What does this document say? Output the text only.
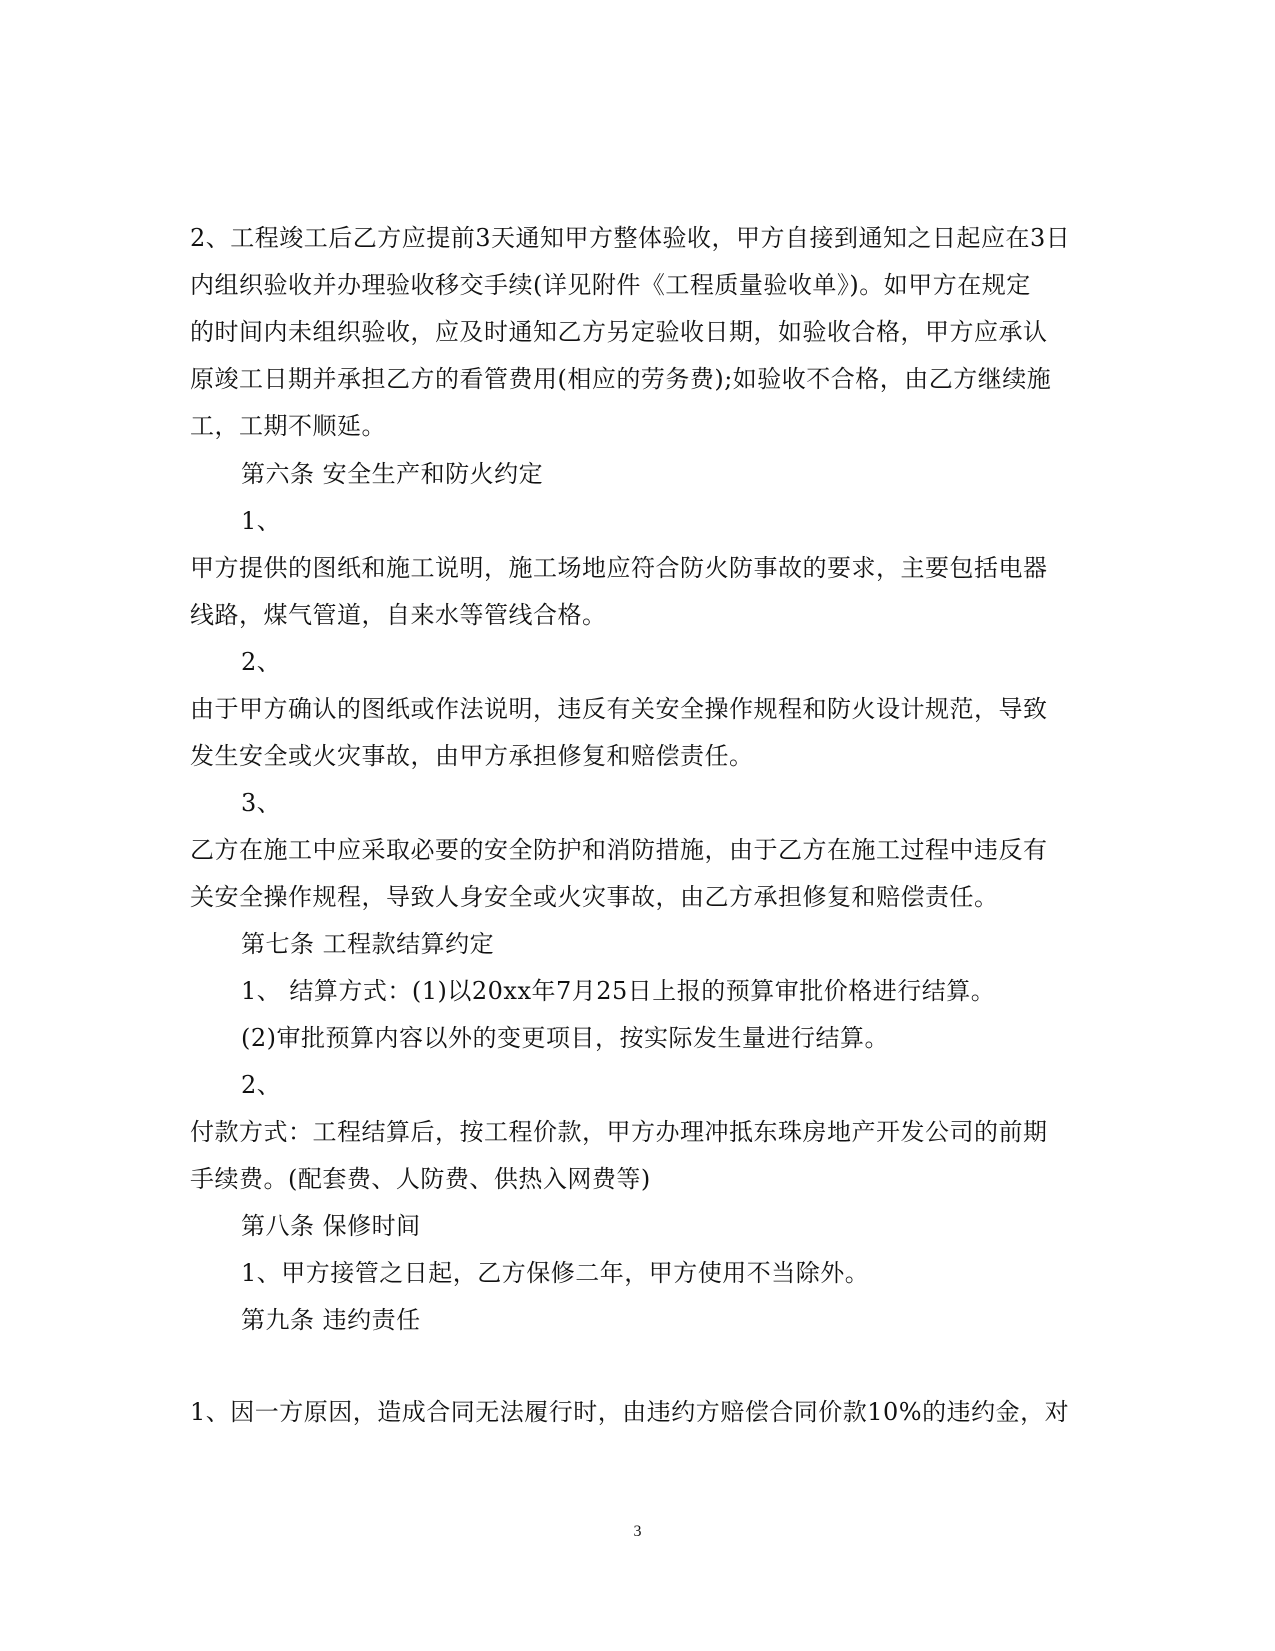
2、工程竣工后乙方应提前3天通知甲方整体验收，甲方自接到通知之日起应在3日
内组织验收并办理验收移交手续(详见附件《工程质量验收单》)。如甲方在规定
的时间内未组织验收，应及时通知乙方另定验收日期，如验收合格，甲方应承认
原竣工日期并承担乙方的看管费用(相应的劳务费);如验收不合格，由乙方继续施
工，工期不顺延。
第六条 安全生产和防火约定
1、
甲方提供的图纸和施工说明，施工场地应符合防火防事故的要求，主要包括电器
线路，煤气管道，自来水等管线合格。
2、
由于甲方确认的图纸或作法说明，违反有关安全操作规程和防火设计规范，导致
发生安全或火灾事故，由甲方承担修复和赔偿责任。
3、
乙方在施工中应采取必要的安全防护和消防措施，由于乙方在施工过程中违反有
关安全操作规程，导致人身安全或火灾事故，由乙方承担修复和赔偿责任。
第七条 工程款结算约定
1、 结算方式：(1)以20xx年7月25日上报的预算审批价格进行结算。
(2)审批预算内容以外的变更项目，按实际发生量进行结算。
2、
付款方式：工程结算后，按工程价款，甲方办理冲抵东珠房地产开发公司的前期
手续费。(配套费、人防费、供热入网费等)
第八条 保修时间
1、甲方接管之日起，乙方保修二年，甲方使用不当除外。
第九条 违约责任
1、因一方原因，造成合同无法履行时，由违约方赔偿合同价款10%的违约金，对
3
